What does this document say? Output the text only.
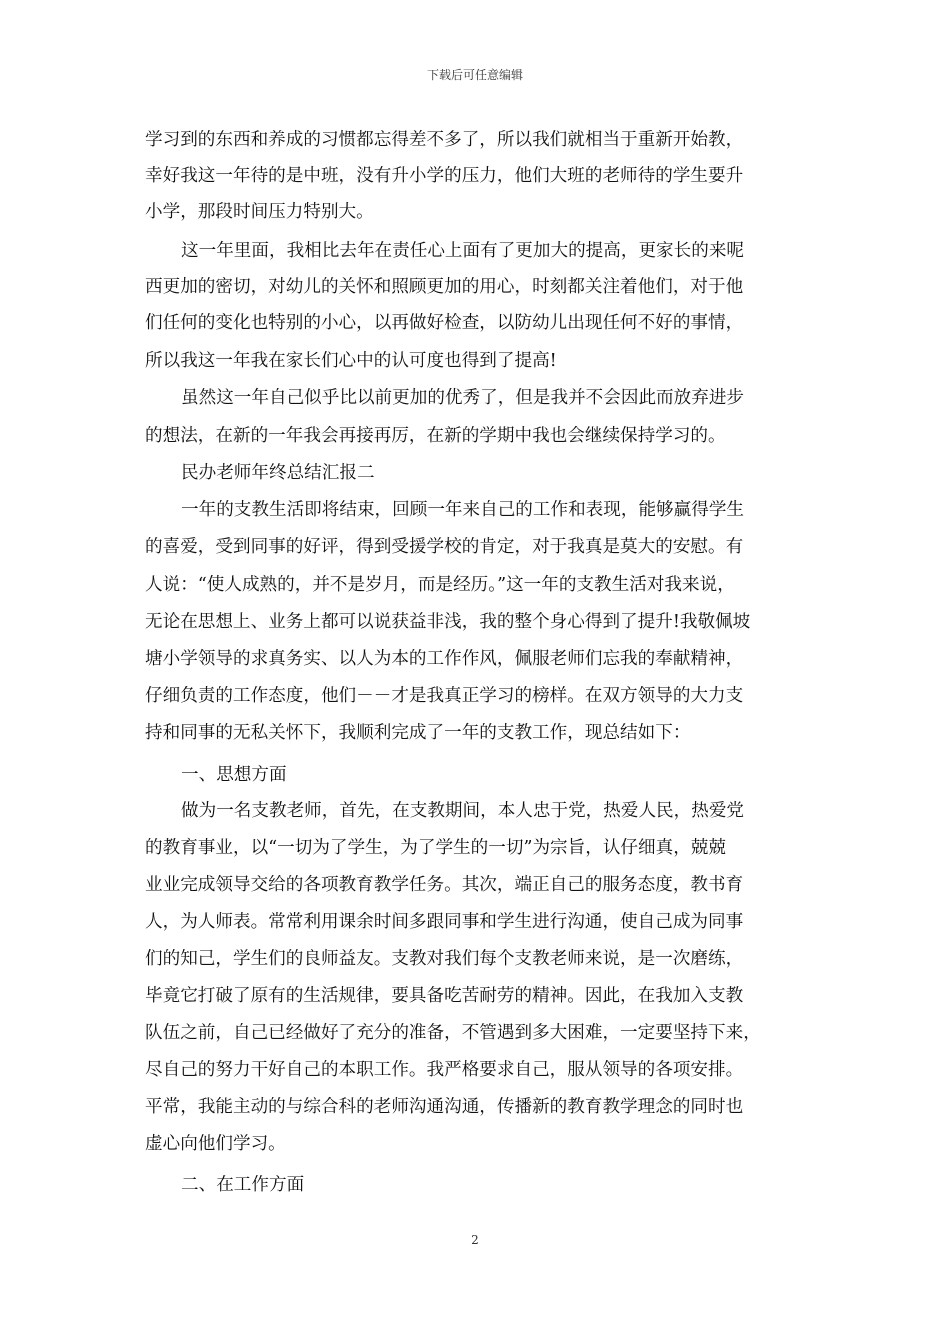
下载后可任意编辑
学习到的东西和养成的习惯都忘得差不多了，所以我们就相当于重新开始教，
幸好我这一年待的是中班，没有升小学的压力，他们大班的老师待的学生要升
小学，那段时间压力特别大。
这一年里面，我相比去年在责任心上面有了更加大的提高，更家长的来呢
西更加的密切，对幼儿的关怀和照顾更加的用心，时刻都关注着他们，对于他
们任何的变化也特别的小心，以再做好检查，以防幼儿出现任何不好的事情，
所以我这一年我在家长们心中的认可度也得到了提高!
虽然这一年自己似乎比以前更加的优秀了，但是我并不会因此而放弃进步
的想法，在新的一年我会再接再厉，在新的学期中我也会继续保持学习的。
民办老师年终总结汇报二
一年的支教生活即将结束，回顾一年来自己的工作和表现，能够赢得学生
的喜爱，受到同事的好评，得到受援学校的肯定，对于我真是莫大的安慰。有
人说：“使人成熟的，并不是岁月，而是经历。”这一年的支教生活对我来说，
无论在思想上、业务上都可以说获益非浅，我的整个身心得到了提升!我敬佩坡
塘小学领导的求真务实、以人为本的工作作风，佩服老师们忘我的奉献精神，
仔细负责的工作态度，他们－－才是我真正学习的榜样。在双方领导的大力支
持和同事的无私关怀下，我顺利完成了一年的支教工作，现总结如下：
一、思想方面
做为一名支教老师，首先，在支教期间，本人忠于党，热爱人民，热爱党
的教育事业，以“一切为了学生，为了学生的一切”为宗旨，认仔细真，兢兢
业业完成领导交给的各项教育教学任务。其次，端正自己的服务态度，教书育
人，为人师表。常常利用课余时间多跟同事和学生进行沟通，使自己成为同事
们的知己，学生们的良师益友。支教对我们每个支教老师来说，是一次磨练，
毕竟它打破了原有的生活规律，要具备吃苦耐劳的精神。因此，在我加入支教
队伍之前，自己已经做好了充分的准备，不管遇到多大困难，一定要坚持下来，
尽自己的努力干好自己的本职工作。我严格要求自己，服从领导的各项安排。
平常，我能主动的与综合科的老师沟通沟通，传播新的教育教学理念的同时也
虚心向他们学习。
二、在工作方面
2
